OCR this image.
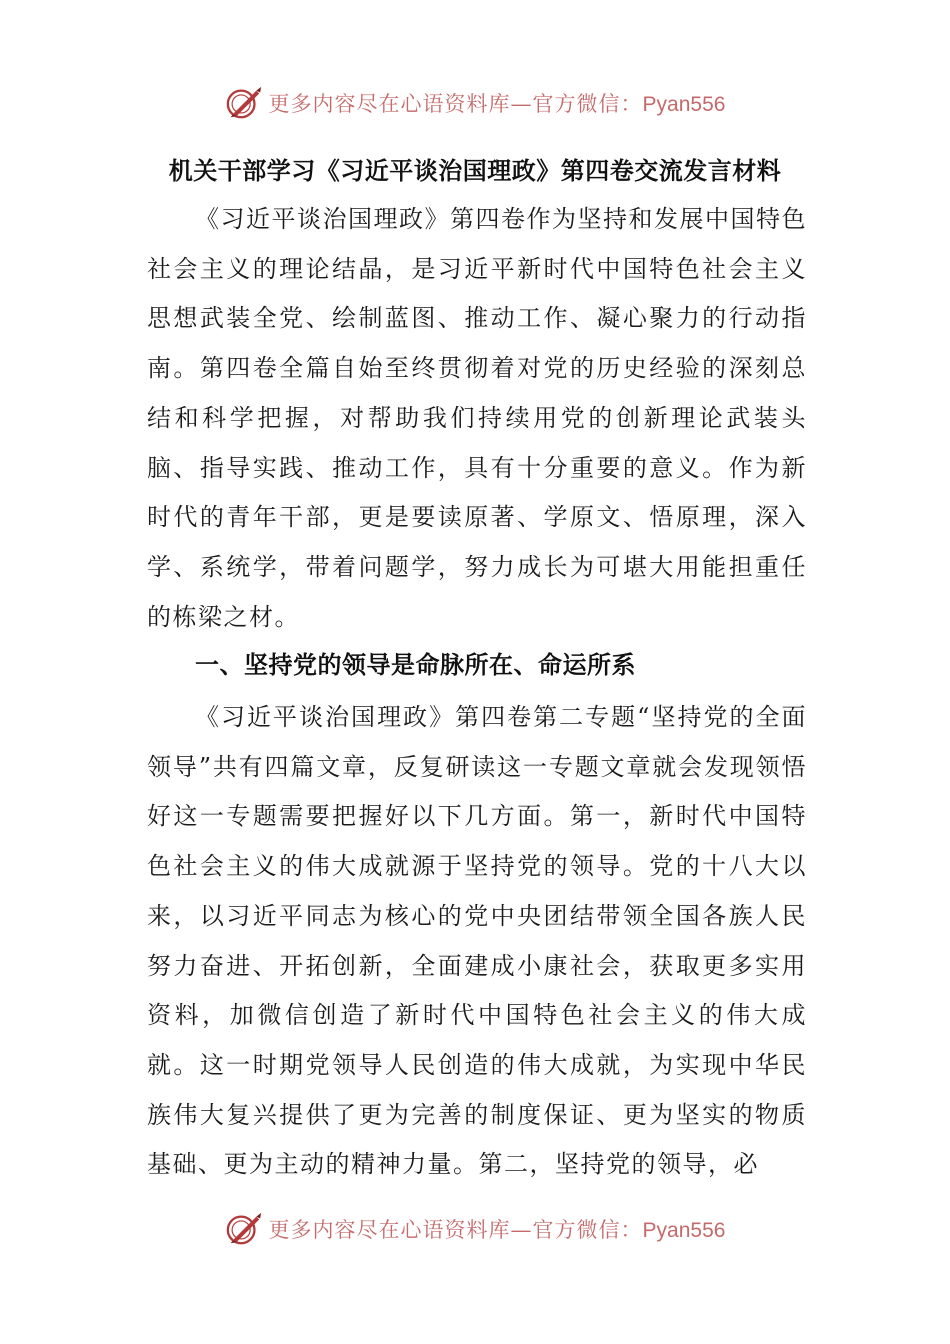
更多内容尽在心语资料库—官方微信：Pyan556
机关干部学习《习近平谈治国理政》第四卷交流发言材料

《习近平谈治国理政》第四卷作为坚持和发展中国特色社会主义的理论结晶，是习近平新时代中国特色社会主义思想武装全党、绘制蓝图、推动工作、凝心聚力的行动指南。第四卷全篇自始至终贯彻着对党的历史经验的深刻总结和科学把握，对帮助我们持续用党的创新理论武装头脑、指导实践、推动工作，具有十分重要的意义。作为新时代的青年干部，更是要读原著、学原文、悟原理，深入学、系统学，带着问题学，努力成长为可堪大用能担重任的栋梁之材。

一、坚持党的领导是命脉所在、命运所系

《习近平谈治国理政》第四卷第二专题“坚持党的全面领导”共有四篇文章，反复研读这一专题文章就会发现领悟好这一专题需要把握好以下几方面。第一，新时代中国特色社会主义的伟大成就源于坚持党的领导。党的十八大以来，以习近平同志为核心的党中央团结带领全国各族人民努力奋进、开拓创新，全面建成小康社会，获取更多实用资料，加微信创造了新时代中国特色社会主义的伟大成就。这一时期党领导人民创造的伟大成就，为实现中华民族伟大复兴提供了更为完善的制度保证、更为坚实的物质基础、更为主动的精神力量。第二，坚持党的领导，必

更多内容尽在心语资料库—官方微信：Pyan556
